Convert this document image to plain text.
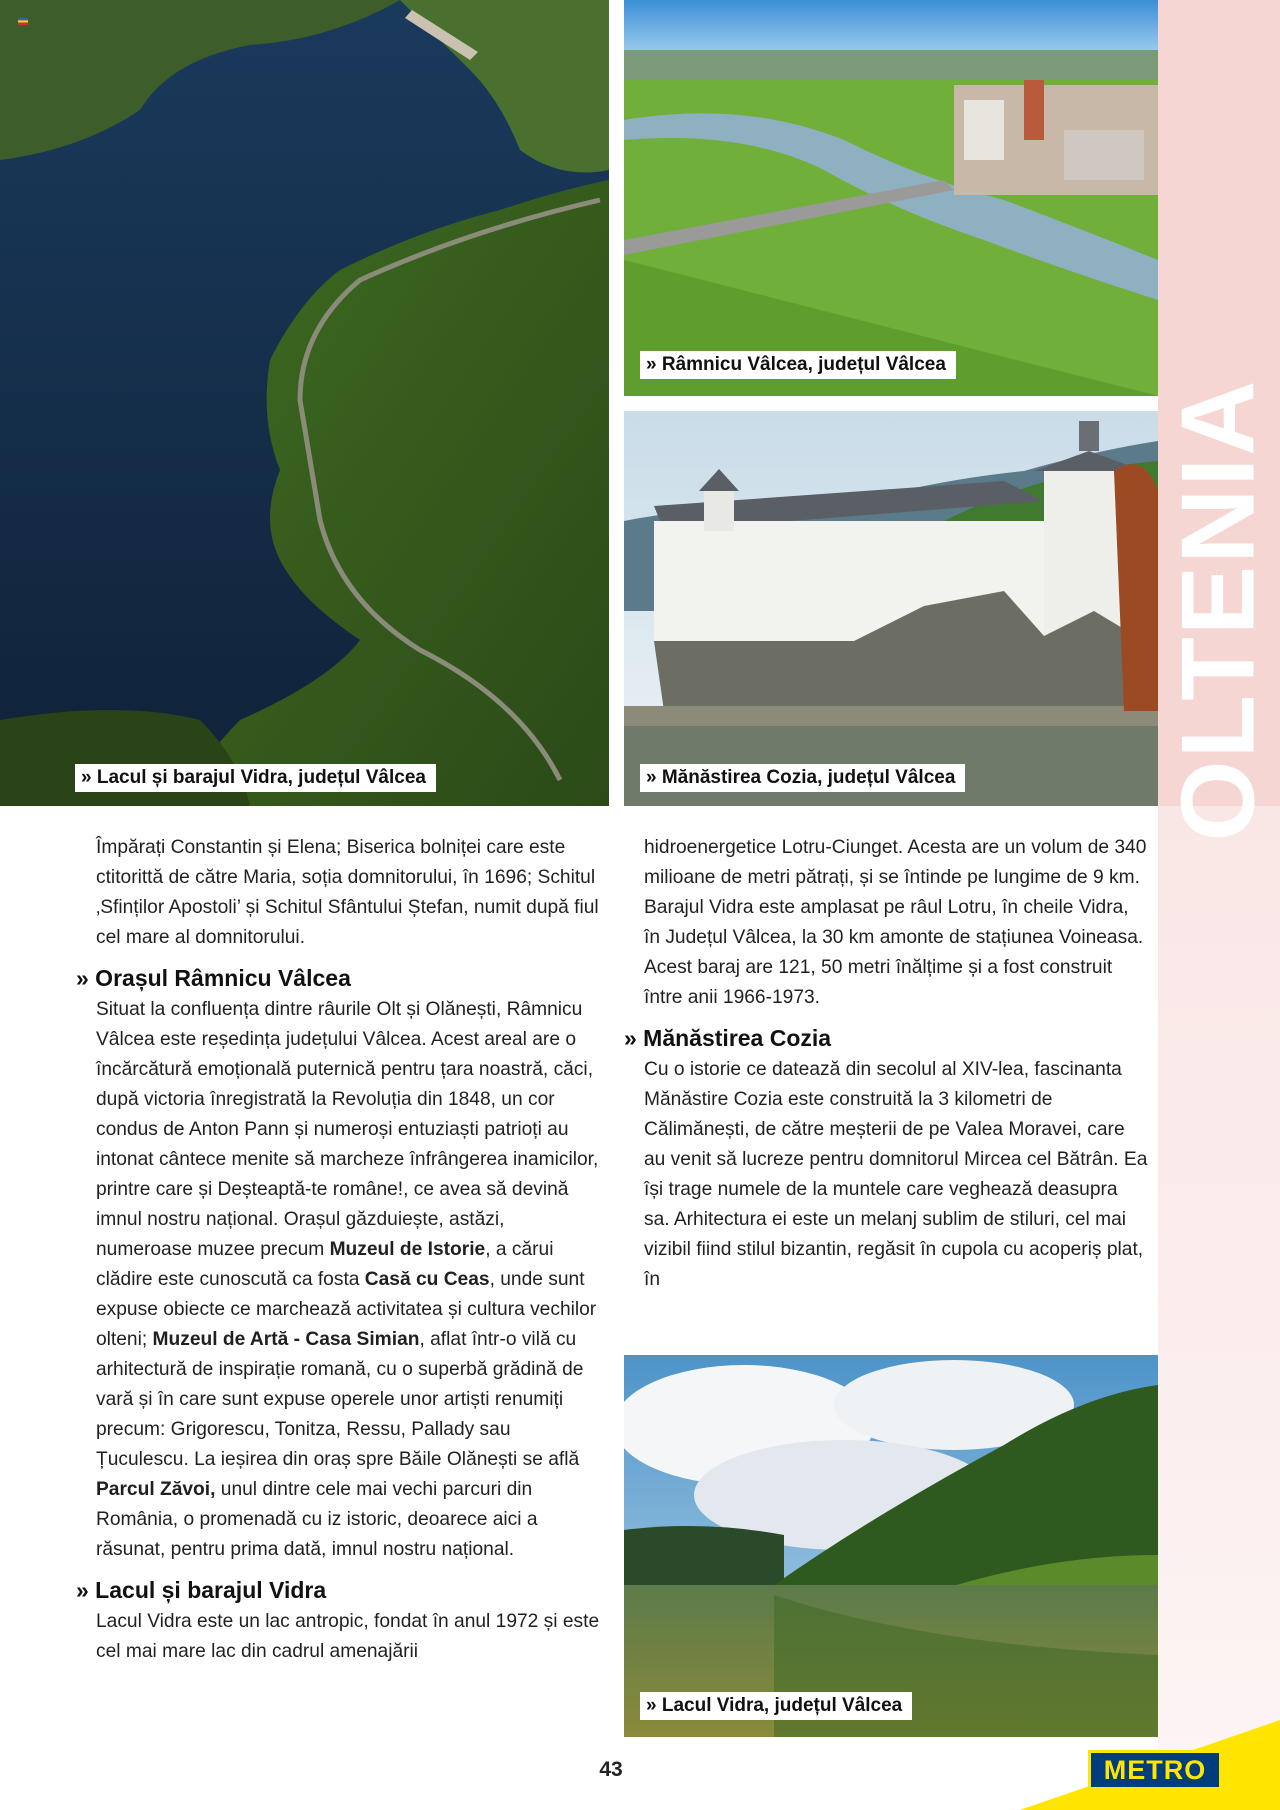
OLTENIA
» Lacul și barajul Vidra, județul Vâlcea
» Râmnicu Vâlcea, județul Vâlcea
» Mănăstirea Cozia, județul Vâlcea
» Lacul Vidra, județul Vâlcea

Împărați Constantin și Elena; Biserica bolniței care este ctitorittă de către Maria, soția domnitorului, în 1696; Schitul ‚Sfinților Apostoli’ și Schitul Sfântului Ștefan, numit după fiul cel mare al domnitorului.

» Orașul Râmnicu Vâlcea

Situat la confluența dintre râurile Olt și Olănești, Râmnicu Vâlcea este reședința județului Vâlcea. Acest areal are o încărcătură emoțională puternică pentru țara noastră, căci, după victoria înregistrată la Revoluția din 1848, un cor condus de Anton Pann și numeroși entuziaști patrioți au intonat cântece menite să marcheze înfrângerea inamicilor, printre care și Deșteaptă-te române!, ce avea să devină imnul nostru național. Orașul găzduiește, astăzi, numeroase muzee precum Muzeul de Istorie, a cărui clădire este cunoscută ca fosta Casă cu Ceas, unde sunt expuse obiecte ce marchează activitatea și cultura vechilor olteni; Muzeul de Artă - Casa Simian, aflat într-o vilă cu arhitectură de inspirație romană, cu o superbă grădină de vară și în care sunt expuse operele unor artiști renumiți precum: Grigorescu, Tonitza, Ressu, Pallady sau Țuculescu. La ieșirea din oraș spre Băile Olănești se află Parcul Zăvoi, unul dintre cele mai vechi parcuri din România, o promenadă cu iz istoric, deoarece aici a răsunat, pentru prima dată, imnul nostru național.

» Lacul și barajul Vidra

Lacul Vidra este un lac antropic, fondat în anul 1972 și este cel mai mare lac din cadrul amenajării

hidroenergetice Lotru-Ciunget. Acesta are un volum de 340 milioane de metri pătrați, și se întinde pe lungime de 9 km. Barajul Vidra este amplasat pe râul Lotru, în cheile Vidra, în Județul Vâlcea, la 30 km amonte de stațiunea Voineasa. Acest baraj are 121, 50 metri înălțime și a fost construit între anii 1966-1973.

» Mănăstirea Cozia

Cu o istorie ce datează din secolul al XIV-lea, fascinanta Mănăstire Cozia este construită la 3 kilometri de Călimănești, de către meșterii de pe Valea Moravei, care au venit să lucreze pentru domnitorul Mircea cel Bătrân. Ea își trage numele de la muntele care veghează deasupra sa. Arhitectura ei este un melanj sublim de stiluri, cel mai vizibil fiind stilul bizantin, regăsit în cupola cu acoperiș plat, în

43	METRO
